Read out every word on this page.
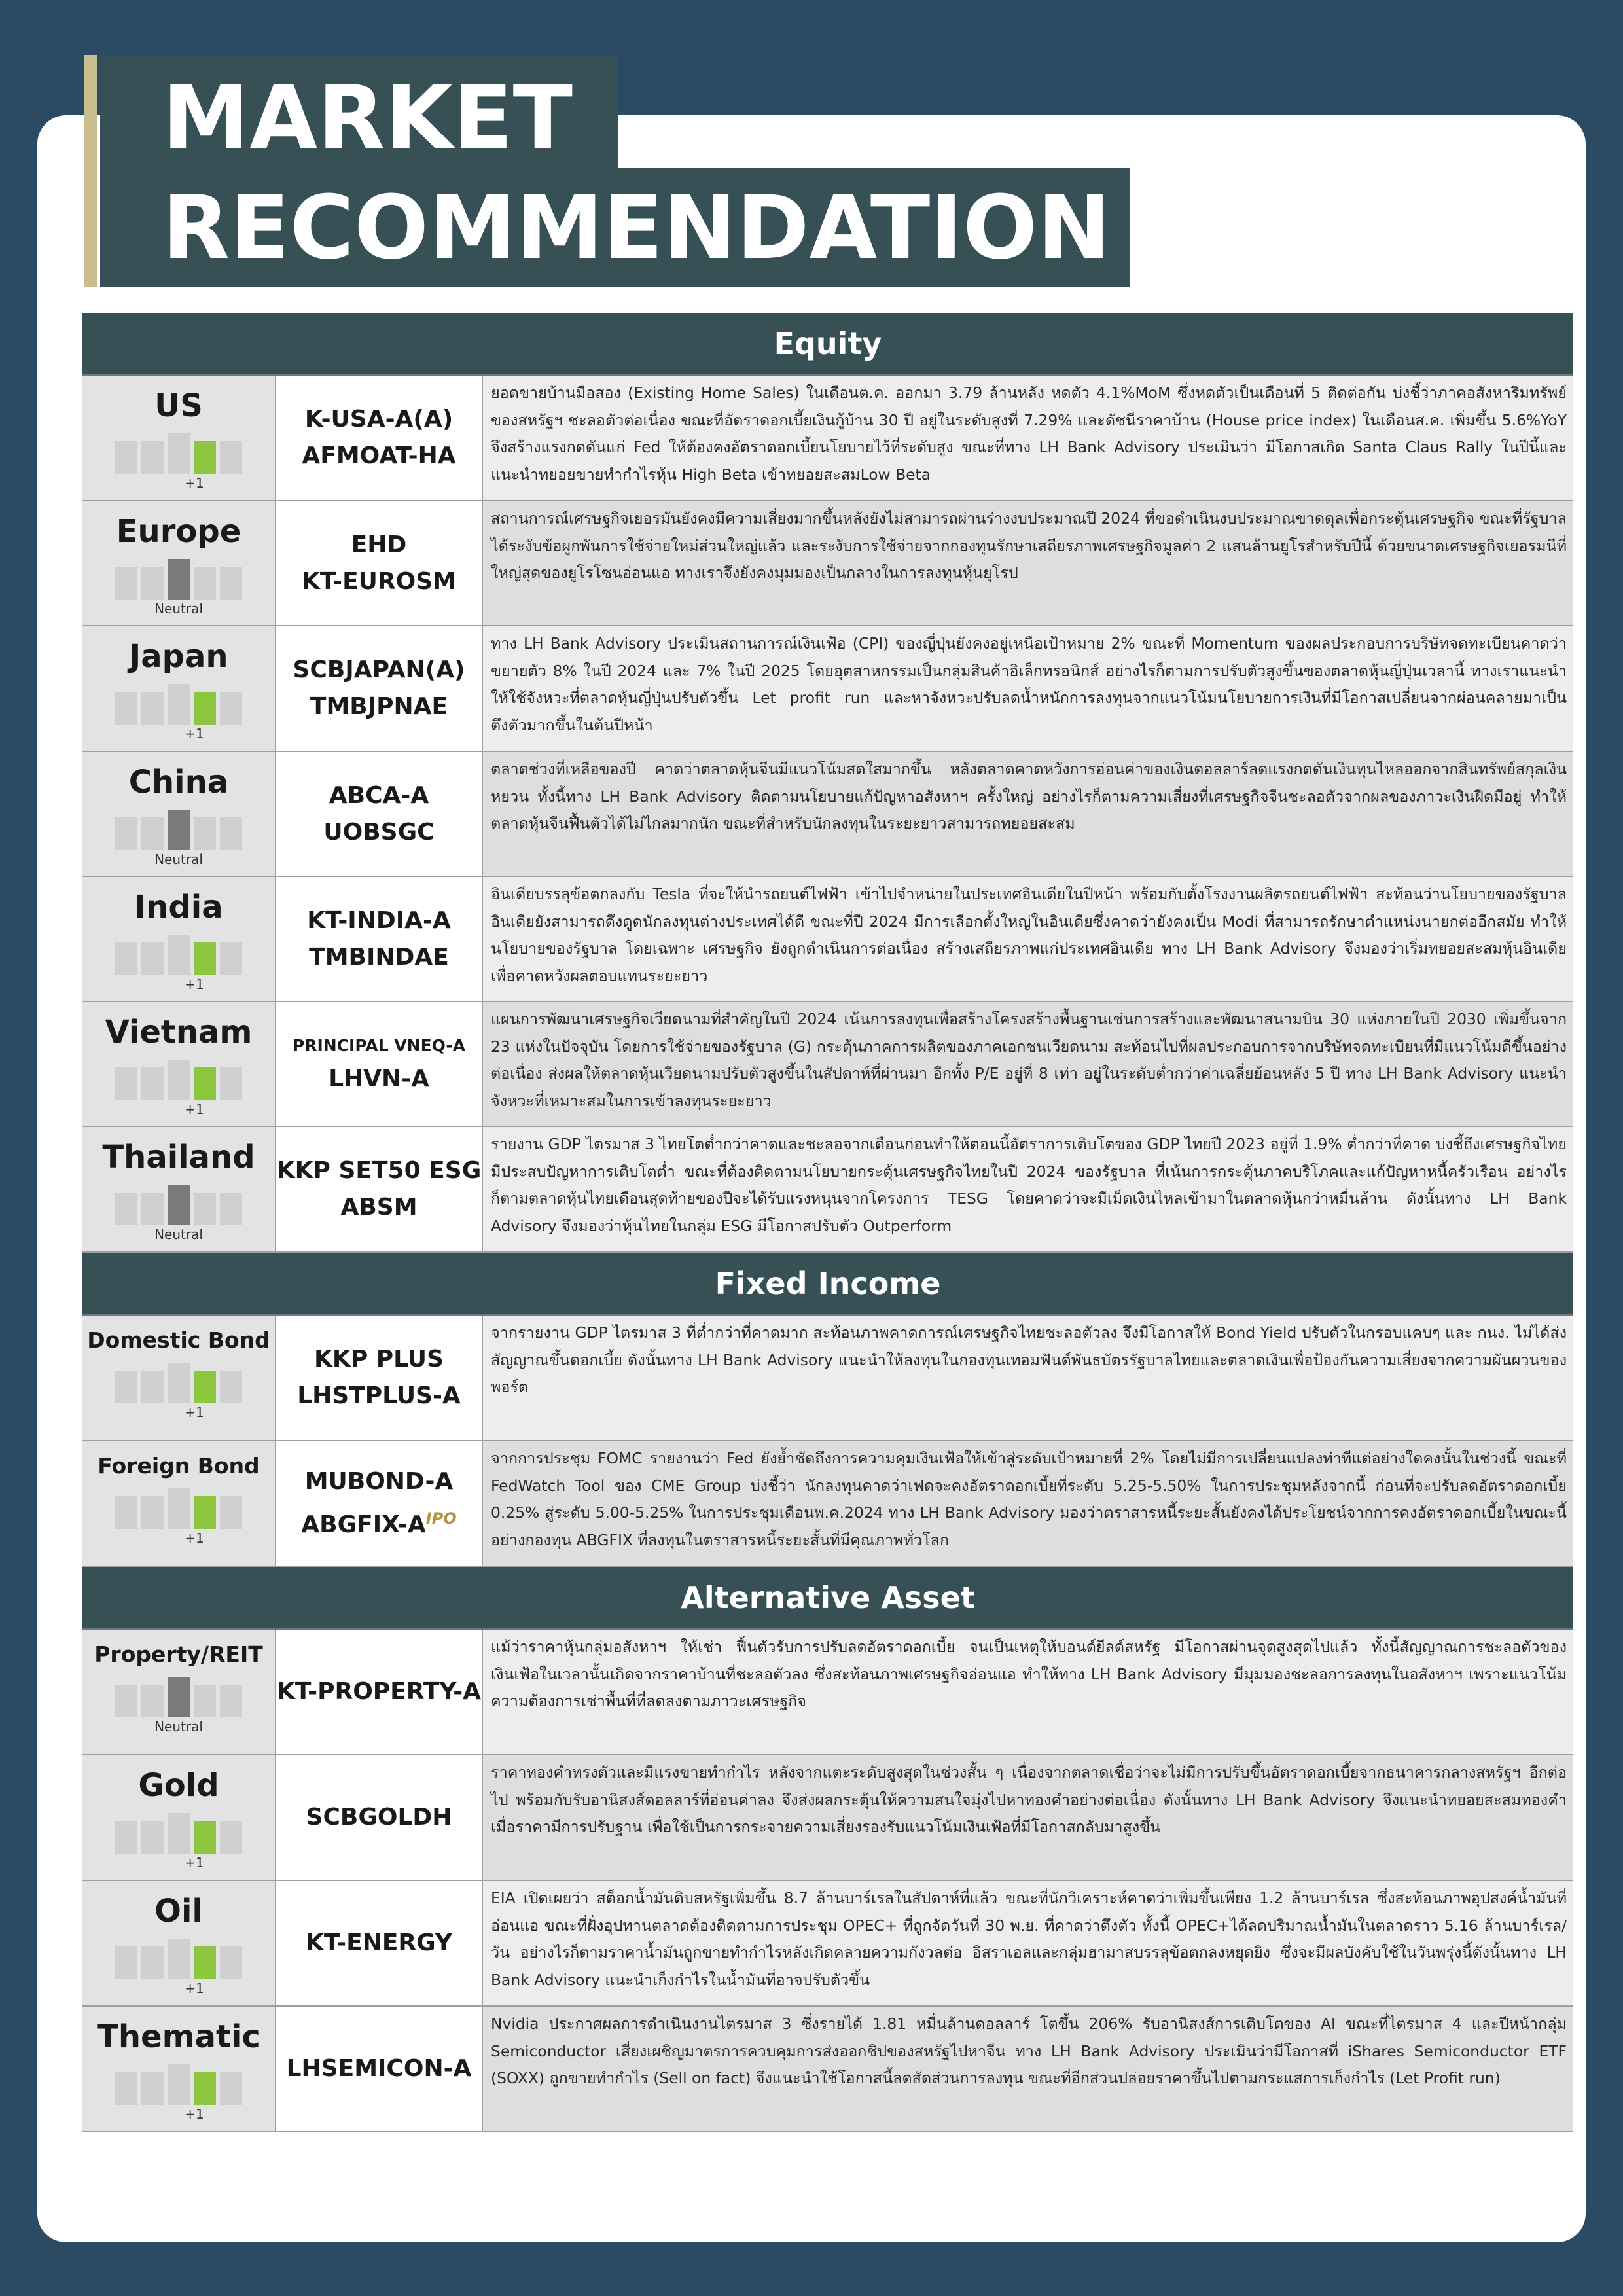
MARKET
RECOMMENDATION
Equity
US
+1
K-USA-A(A)
AFMOAT-HA
ยอดขายบ้านมือสอง (Existing Home Sales) ในเดือนต.ค. ออกมา 3.79 ล้านหลัง หดตัว 4.1%MoM ซึ่งหดตัวเป็นเดือนที่ 5 ติดต่อกัน บ่งชี้ว่าภาคอสังหาริมทรัพย์ของสหรัฐฯ ชะลอตัวต่อเนื่อง ขณะที่อัตราดอกเบี้ยเงินกู้บ้าน 30 ปี อยู่ในระดับสูงที่ 7.29% และดัชนีราคาบ้าน (House price index) ในเดือนส.ค. เพิ่มขึ้น 5.6%YoY จึงสร้างแรงกดดันแก่ Fed ให้ต้องคงอัตราดอกเบี้ยนโยบายไว้ที่ระดับสูง ขณะที่ทาง LH Bank Advisory ประเมินว่า มีโอกาสเกิด Santa Claus Rally ในปีนี้และแนะนำทยอยขายทำกำไรหุ้น High Beta เข้าทยอยสะสมLow Beta
Europe
Neutral
EHD
KT-EUROSM
สถานการณ์เศรษฐกิจเยอรมันยังคงมีความเสี่ยงมากขึ้นหลังยังไม่สามารถผ่านร่างงบประมาณปี 2024 ที่ขอดำเนินงบประมาณขาดดุลเพื่อกระตุ้นเศรษฐกิจ ขณะที่รัฐบาลได้ระงับข้อผูกพันการใช้จ่ายใหม่ส่วนใหญ่แล้ว และระงับการใช้จ่ายจากกองทุนรักษาเสถียรภาพเศรษฐกิจมูลค่า 2 แสนล้านยูโรสำหรับปีนี้ ด้วยขนาดเศรษฐกิจเยอรมนีที่ใหญ่สุดของยูโรโซนอ่อนแอ ทางเราจึงยังคงมุมมองเป็นกลางในการลงทุนหุ้นยุโรป
Japan
+1
SCBJAPAN(A)
TMBJPNAE
ทาง LH Bank Advisory ประเมินสถานการณ์เงินเฟ้อ (CPI) ของญี่ปุ่นยังคงอยู่เหนือเป้าหมาย 2% ขณะที่ Momentum ของผลประกอบการบริษัทจดทะเบียนคาดว่าขยายตัว 8% ในปี 2024 และ 7% ในปี 2025 โดยอุตสาหกรรมเป็นกลุ่มสินค้าอิเล็กทรอนิกส์ อย่างไรก็ตามการปรับตัวสูงขึ้นของตลาดหุ้นญี่ปุ่นเวลานี้ ทางเราแนะนำให้ใช้จังหวะที่ตลาดหุ้นญี่ปุ่นปรับตัวขึ้น Let profit run และหาจังหวะปรับลดน้ำหนักการลงทุนจากแนวโน้มนโยบายการเงินที่มีโอกาสเปลี่ยนจากผ่อนคลายมาเป็นตึงตัวมากขึ้นในต้นปีหน้า
China
Neutral
ABCA-A
UOBSGC
ตลาดช่วงที่เหลือของปี คาดว่าตลาดหุ้นจีนมีแนวโน้มสดใสมากขึ้น หลังตลาดคาดหวังการอ่อนค่าของเงินดอลลาร์ลดแรงกดดันเงินทุนไหลออกจากสินทรัพย์สกุลเงินหยวน ทั้งนี้ทาง LH Bank Advisory ติดตามนโยบายแก้ปัญหาอสังหาฯ ครั้งใหญ่ อย่างไรก็ตามความเสี่ยงที่เศรษฐกิจจีนชะลอตัวจากผลของภาวะเงินฝืดมีอยู่ ทำให้ตลาดหุ้นจีนฟื้นตัวได้ไม่ไกลมากนัก ขณะที่สำหรับนักลงทุนในระยะยาวสามารถทยอยสะสม
India
+1
KT-INDIA-A
TMBINDAE
อินเดียบรรลุข้อตกลงกับ Tesla ที่จะให้นำรถยนต์ไฟฟ้า เข้าไปจำหน่ายในประเทศอินเดียในปีหน้า พร้อมกับตั้งโรงงานผลิตรถยนต์ไฟฟ้า สะท้อนว่านโยบายของรัฐบาลอินเดียยังสามารถดึงดูดนักลงทุนต่างประเทศได้ดี ขณะที่ปี 2024 มีการเลือกตั้งใหญ่ในอินเดียซึ่งคาดว่ายังคงเป็น Modi ที่สามารถรักษาตำแหน่งนายกต่ออีกสมัย ทำให้นโยบายของรัฐบาล โดยเฉพาะ เศรษฐกิจ ยังถูกดำเนินการต่อเนื่อง สร้างเสถียรภาพแก่ประเทศอินเดีย ทาง LH Bank Advisory จึงมองว่าเริ่มทยอยสะสมหุ้นอินเดีย เพื่อคาดหวังผลตอบแทนระยะยาว
Vietnam
+1
PRINCIPAL VNEQ-A
LHVN-A
แผนการพัฒนาเศรษฐกิจเวียดนามที่สำคัญในปี 2024 เน้นการลงทุนเพื่อสร้างโครงสร้างพื้นฐานเช่นการสร้างและพัฒนาสนามบิน 30 แห่งภายในปี 2030 เพิ่มขึ้นจาก 23 แห่งในปัจจุบัน โดยการใช้จ่ายของรัฐบาล (G) กระตุ้นภาคการผลิตของภาคเอกชนเวียดนาม สะท้อนไปที่ผลประกอบการจากบริษัทจดทะเบียนที่มีแนวโน้มดีขึ้นอย่างต่อเนื่อง ส่งผลให้ตลาดหุ้นเวียดนามปรับตัวสูงขึ้นในสัปดาห์ที่ผ่านมา อีกทั้ง P/E อยู่ที่ 8 เท่า อยู่ในระดับต่ำกว่าค่าเฉลี่ยย้อนหลัง 5 ปี ทาง LH Bank Advisory แนะนำจังหวะที่เหมาะสมในการเข้าลงทุนระยะยาว
Thailand
Neutral
KKP SET50 ESG
ABSM
รายงาน GDP ไตรมาส 3 ไทยโตต่ำกว่าคาดและชะลอจากเดือนก่อนทำให้ตอนนี้อัตราการเติบโตของ GDP ไทยปี 2023 อยู่ที่ 1.9% ต่ำกว่าที่คาด บ่งชี้ถึงเศรษฐกิจไทยมีประสบปัญหาการเติบโตต่ำ ขณะที่ต้องติดตามนโยบายกระตุ้นเศรษฐกิจไทยในปี 2024 ของรัฐบาล ที่เน้นการกระตุ้นภาคบริโภคและแก้ปัญหาหนี้ครัวเรือน อย่างไรก็ตามตลาดหุ้นไทยเดือนสุดท้ายของปีจะได้รับแรงหนุนจากโครงการ TESG โดยคาดว่าจะมีเม็ดเงินไหลเข้ามาในตลาดหุ้นกว่าหมื่นล้าน ดังนั้นทาง LH Bank Advisory จึงมองว่าหุ้นไทยในกลุ่ม ESG มีโอกาสปรับตัว Outperform
Fixed Income
Domestic Bond
+1
KKP PLUS
LHSTPLUS-A
จากรายงาน GDP ไตรมาส 3 ที่ต่ำกว่าที่คาดมาก สะท้อนภาพคาดการณ์เศรษฐกิจไทยชะลอตัวลง จึงมีโอกาสให้ Bond Yield ปรับตัวในกรอบแคบๆ และ กนง. ไม่ได้ส่งสัญญาณขึ้นดอกเบี้ย ดังนั้นทาง LH Bank Advisory แนะนำให้ลงทุนในกองทุนเทอมฟันด์พันธบัตรรัฐบาลไทยและตลาดเงินเพื่อป้องกันความเสี่ยงจากความผันผวนของพอร์ต
Foreign Bond
+1
MUBOND-A
ABGFIX-$A^{IPO}$
จากการประชุม FOMC รายงานว่า Fed ยังย้ำชัดถึงการความคุมเงินเฟ้อให้เข้าสู่ระดับเป้าหมายที่ 2% โดยไม่มีการเปลี่ยนแปลงท่าทีแต่อย่างใดคงนั้นในช่วงนี้ ขณะที่ FedWatch Tool ของ CME Group บ่งชี้ว่า นักลงทุนคาดว่าเฟดจะคงอัตราดอกเบี้ยที่ระดับ 5.25-5.50% ในการประชุมหลังจากนี้ ก่อนที่จะปรับลดอัตราดอกเบี้ย 0.25% สู่ระดับ 5.00-5.25% ในการประชุมเดือนพ.ค.2024 ทาง LH Bank Advisory มองว่าตราสารหนี้ระยะสั้นยังคงได้ประโยชน์จากการคงอัตราดอกเบี้ยในขณะนี้ อย่างกองทุน ABGFIX ที่ลงทุนในตราสารหนี้ระยะสั้นที่มีคุณภาพทั่วโลก
Alternative Asset
Property/REIT
Neutral
KT-PROPERTY-A
แม้ว่าราคาหุ้นกลุ่มอสังหาฯ ให้เช่า ฟื้นตัวรับการปรับลดอัตราดอกเบี้ย จนเป็นเหตุให้บอนด์ยีลด์สหรัฐ มีโอกาสผ่านจุดสูงสุดไปแล้ว ทั้งนี้สัญญาณการชะลอตัวของเงินเฟ้อในเวลานั้นเกิดจากราคาบ้านที่ชะลอตัวลง ซึ่งสะท้อนภาพเศรษฐกิจอ่อนแอ ทำให้ทาง LH Bank Advisory มีมุมมองชะลอการลงทุนในอสังหาฯ เพราะแนวโน้มความต้องการเช่าพื้นที่ที่ลดลงตามภาวะเศรษฐกิจ
Gold
+1
SCBGOLDH
ราคาทองคำทรงตัวและมีแรงขายทำกำไร หลังจากแตะระดับสูงสุดในช่วงสั้น ๆ เนื่องจากตลาดเชื่อว่าจะไม่มีการปรับขึ้นอัตราดอกเบี้ยจากธนาคารกลางสหรัฐฯ อีกต่อไป พร้อมกับรับอานิสงส์ดอลลาร์ที่อ่อนค่าลง จึงส่งผลกระตุ้นให้ความสนใจมุ่งไปหาทองคำอย่างต่อเนื่อง ดังนั้นทาง LH Bank Advisory จึงแนะนำทยอยสะสมทองคำ เมื่อราคามีการปรับฐาน เพื่อใช้เป็นการกระจายความเสี่ยงรองรับแนวโน้มเงินเฟ้อที่มีโอกาสกลับมาสูงขึ้น
Oil
+1
KT-ENERGY
EIA เปิดเผยว่า สต็อกน้ำมันดิบสหรัฐเพิ่มขึ้น 8.7 ล้านบาร์เรลในสัปดาห์ที่แล้ว ขณะที่นักวิเคราะห์คาดว่าเพิ่มขึ้นเพียง 1.2 ล้านบาร์เรล ซึ่งสะท้อนภาพอุปสงค์น้ำมันที่อ่อนแอ ขณะที่ฝั่งอุปทานตลาดต้องติดตามการประชุม OPEC+ ที่ถูกจัดวันที่ 30 พ.ย. ที่คาดว่าตึงตัว ทั้งนี้ OPEC+ได้ลดปริมาณน้ำมันในตลาดราว 5.16 ล้านบาร์เรล/วัน อย่างไรก็ตามราคาน้ำมันถูกขายทำกำไรหลังเกิดคลายความกังวลต่อ อิสราเอลและกลุ่มฮามาสบรรลุข้อตกลงหยุดยิง ซึ่งจะมีผลบังคับใช้ในวันพรุ่งนี้ดังนั้นทาง LH Bank Advisory แนะนำเก็งกำไรในน้ำมันที่อาจปรับตัวขึ้น
Thematic
+1
LHSEMICON-A
Nvidia ประกาศผลการดำเนินงานไตรมาส 3 ซึ่งรายได้ 1.81 หมื่นล้านดอลลาร์ โตขึ้น 206% รับอานิสงส์การเติบโตของ AI ขณะที่ไตรมาส 4 และปีหน้ากลุ่ม Semiconductor เสี่ยงเผชิญมาตรการควบคุมการส่งออกชิปของสหรัฐไปหาจีน ทาง LH Bank Advisory ประเมินว่ามีโอกาสที่ iShares Semiconductor ETF (SOXX) ถูกขายทำกำไร (Sell on fact) จึงแนะนำใช้โอกาสนี้ลดสัดส่วนการลงทุน ขณะที่อีกส่วนปล่อยราคาขึ้นไปตามกระแสการเก็งกำไร (Let Profit run)
